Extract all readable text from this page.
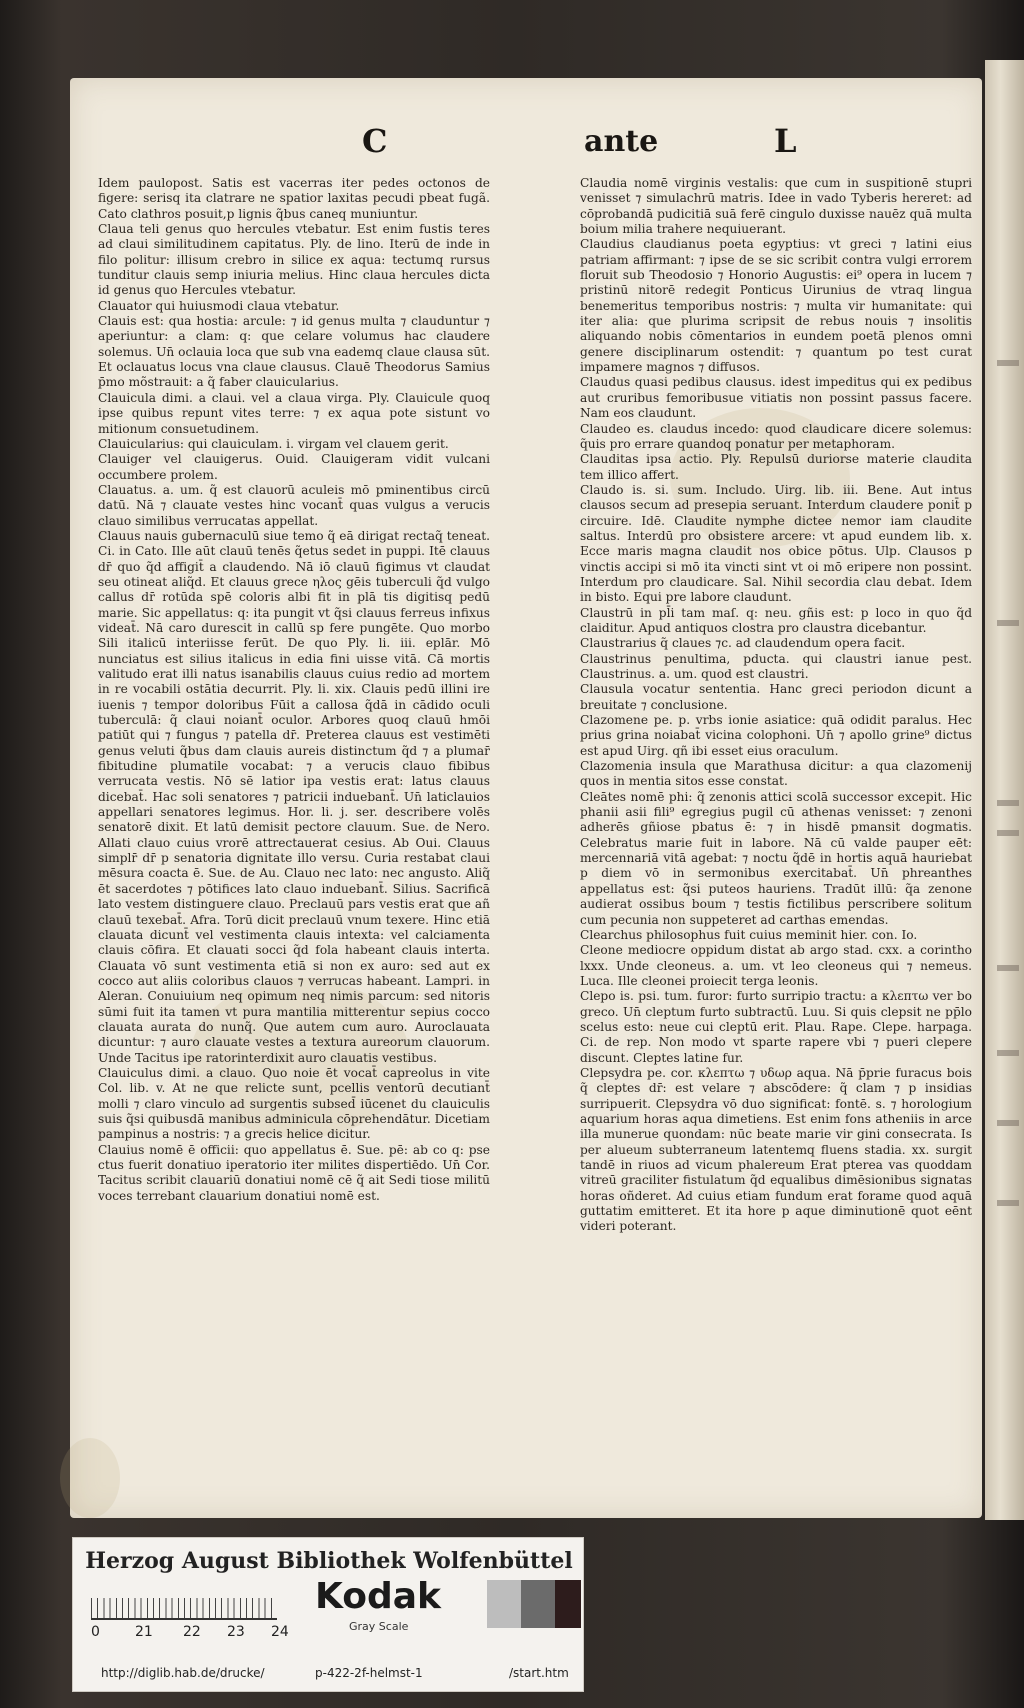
C	ante	L

Idem paulopost. Satis est vacerras iter pedes octonos de figere: serisq ita clatrare ne spatior laxitas pecudi pbeat fugã. Cato clathros posuit,p lignis q̃bus caneq muniuntur.

Claua teli genus quo hercules vtebatur. Est enim fustis teres ad claui similitudinem capitatus. Ply. de lino. Iterū de inde in filo politur: illisum crebro in silice ex aqua: tectumq rursus tunditur clauis semp iniuria melius. Hinc claua hercules dicta id genus quo Hercules vtebatur.

Clauator qui huiusmodi claua vtebatur.

Clauis est: qua hostia: arcule: ⁊ id genus multa ⁊ clauduntur ⁊ aperiuntur: a clam: q: que celare volumus hac claudere solemus. Un̄ oclauia loca que sub vna eademq claue clausa sūt. Et oclauatus locus vna claue clausus. Clauē Theodorus Samius p̄mo mõstrauit: a q̃ faber clauicularius.

Clauicula dimi. a claui. vel a claua virga. Ply. Clauicule quoq ipse quibus repunt vites terre: ⁊ ex aqua pote sistunt vo mitionum consuetudinem.

Clauicularius: qui clauiculam. i. virgam vel clauem gerit.

Clauiger vel clauigerus. Ouid. Clauigeram vidit vulcani occumbere prolem.

Clauatus. a. um. q̃ est clauorū aculeis mō pminentibus circū datū. Nā ⁊ clauate vestes hinc vocant̄ quas vulgus a verucis clauo similibus verrucatas appellat.

Clauus nauis gubernaculū siue temo q̃ eā dirigat rectaq̃ teneat. Ci. in Cato. Ille aūt clauū tenēs q̃etus sedet in puppi. Itē clauus dr̄ quo q̃d affigit̄ a claudendo. Nā iō clauū figimus vt claudat seu otineat aliq̃d. Et clauus grece ηλος gēis tuberculi q̃d vulgo callus dr̄ rotūda spē coloris albi fit in plā tis digitisq pedū marie. Sic appellatus: q: ita pungit vt q̃si clauus ferreus infixus videat̄. Nā caro durescit in callū sp fere pungēte. Quo morbo Sili italicū interiisse ferūt. De quo Ply. li. iii. eplār. Mō nunciatus est silius italicus in edia fini uisse vitā. Cā mortis valitudo erat illi natus isanabilis clauus cuius redio ad mortem in re vocabili ostātia decurrit. Ply. li. xix. Clauis pedū illini ire iuenis ⁊ tempor doloribus Fūit a callosa q̃dā in cādido oculi tuberculā: q̃ claui noiant̄ oculor. Arbores quoq clauū hmōi patiūt qui ⁊ fungus ⁊ patella dr̄. Preterea clauus est vestimēti genus veluti q̃bus dam clauis aureis distinctum q̃d ⁊ a plumar̄ fibitudine plumatile vocabat: ⁊ a verucis clauo fibibus verrucata vestis. Nō sē latior ipa vestis erat: latus clauus dicebat̄. Hac soli senatores ⁊ patricii induebant̄. Un̄ laticlauios appellari senatores legimus. Hor. li. j. ser. describere volēs senatorē dixit. Et latū demisit pectore clauum. Sue. de Nero. Allati clauo cuius vrorē attrectauerat cesius. Ab Oui. Clauus simplr̄ dr̄ p senatoria dignitate illo versu. Curia restabat claui mēsura coacta ē. Sue. de Au. Clauo nec lato: nec angusto. Aliq̃ ēt sacerdotes ⁊ pōtifices lato clauo induebant̄. Silius. Sacrificā lato vestem distinguere clauo. Preclauū pars vestis erat que añ clauū texebat̄. Afra. Torū dicit preclauū vnum texere. Hinc etiā clauata dicunt̄ vel vestimenta clauis intexta: vel calciamenta clauis cōfira. Et clauati socci q̃d fola habeant clauis interta. Clauata vō sunt vestimenta etiā si non ex auro: sed aut ex cocco aut aliis coloribus clauos ⁊ verrucas habeant. Lampri. in Aleran. Conuiuium neq opimum neq nimis parcum: sed nitoris sūmi fuit ita tamen vt pura mantilia mitterentur sepius cocco clauata aurata do nunq̃. Que autem cum auro. Auroclauata dicuntur: ⁊ auro clauate vestes a textura aureorum clauorum. Unde Tacitus ipe ratorinterdixit auro clauatis vestibus.

Clauiculus dimi. a clauo. Quo noie ēt vocat̄ capreolus in vite Col. lib. v. At ne que relicte sunt, pcellis ventorū decutiant̄ molli ⁊ claro vinculo ad surgentis subsed̄ iūcenet du clauiculis suis q̃si quibusdā manibus adminicula cōprehendātur. Dicetiam pampinus a nostris: ⁊ a grecis helice dicitur.

Clauius nomē ē officii: quo appellatus ē. Sue. pē: ab co q: pse ctus fuerit donatiuo iperatorio iter milites dispertiēdo. Un̄ Cor. Tacitus scribit clauariū donatiui nomē cē q̃ ait Sedi tiose militū voces terrebant clauarium donatiui nomē est.

Claudia nomē virginis vestalis: que cum in suspitionē stupri venisset ⁊ simulachrū matris. Idee in vado Tyberis hereret: ad cōprobandā pudicitiā suā ferē cingulo duxisse nauēz quā multa boium milia trahere nequiuerant.

Claudius claudianus poeta egyptius: vt greci ⁊ latini eius patriam affirmant: ⁊ ipse de se sic scribit contra vulgi errorem floruit sub Theodosio ⁊ Honorio Augustis: ei⁹ opera in lucem ⁊ pristinū nitorē redegit Ponticus Uirunius de vtraq lingua benemeritus temporibus nostris: ⁊ multa vir humanitate: qui iter alia: que plurima scripsit de rebus nouis ⁊ insolitis aliquando nobis cōmentarios in eundem poetā plenos omni genere disciplinarum ostendit: ⁊ quantum po test curat impamere magnos ⁊ diffusos.

Claudus quasi pedibus clausus. idest impeditus qui ex pedibus aut cruribus femoribusue vitiatis non possint passus facere. Nam eos claudunt.

Claudeo es. claudus incedo: quod claudicare dicere solemus: q̃uis pro errare quandoq ponatur per metaphoram.

Clauditas ipsa actio. Ply. Repulsū duriorse materie claudita tem illico affert.

Claudo is. si. sum. Includo. Uirg. lib. iii. Bene. Aut intus clausos secum ad presepia seruant. Interdum claudere ponit̄ p circuire. Idē. Claudite nymphe dictee nemor iam claudite saltus. Interdū pro obsistere arcere: vt apud eundem lib. x. Ecce maris magna claudit nos obice pōtus. Ulp. Clausos p vinctis accipi si mō ita vincti sint vt oi mō eripere non possint. Interdum pro claudicare. Sal. Nihil secordia clau debat. Idem in bisto. Equi pre labore claudunt.

Claustrū in pl̄i tam maſ. q: neu. gñis est: p loco in quo q̃d claiditur. Apud antiquos clostra pro claustra dicebantur.

Claustrarius q̃ claues ⁊c. ad claudendum opera facit.

Claustrinus penultima, pducta. qui claustri ianue pest. Claustrinus. a. um. quod est claustri.

Clausula vocatur sententia. Hanc greci periodon dicunt a breuitate ⁊ conclusione.

Clazomene pe. p. vrbs ionie asiatice: quā odidit paralus. Hec prius grina noiabat̄ vicina colophoni. Un̄ ⁊ apollo grine⁹ dictus est apud Uirg. qñ ibi esset eius oraculum.

Clazomenia insula que Marathusa dicitur: a qua clazomenij quos in mentia sitos esse constat.

Cleātes nomē phi: q̃ zenonis attici scolā successor excepit. Hic phanii asii fili⁹ egregius pugil cū athenas venisset: ⁊ zenoni adherēs gñiose pbatus ē: ⁊ in hisdē pmansit dogmatis. Celebratus marie fuit in labore. Nā cū valde pauper eēt: mercennariā vitā agebat: ⁊ noctu q̃dē in hortis aquā hauriebat p diem vō in sermonibus exercitabat̄. Un̄ phreanthes appellatus est: q̃si puteos hauriens. Tradūt illū: q̃a zenone audierat ossibus boum ⁊ testis fictilibus perscribere solitum cum pecunia non suppeteret ad carthas emendas.

Clearchus philosophus fuit cuius meminit hier. con. Io.

Cleone mediocre oppidum distat ab argo stad. cxx. a corintho lxxx. Unde cleoneus. a. um. vt leo cleoneus qui ⁊ nemeus. Luca. Ille cleonei proiecit terga leonis.

Clepo is. psi. tum. furor: furto surripio tractu: a κλεπτω ver bo greco. Un̄ cleptum furto subtractū. Luu. Si quis clepsit ne pp̄lo scelus esto: neue cui cleptū erit. Plau. Rape. Clepe. harpaga. Ci. de rep. Non modo vt sparte rapere vbi ⁊ pueri clepere discunt. Cleptes latine fur.

Clepsydra pe. cor. κλεπτω ⁊ υδωρ aqua. Nā p̄prie furacus bois q̃ cleptes dr̄: est velare ⁊ abscōdere: q̃ clam ⁊ p insidias surripuerit. Clepsydra vō duo significat: fontē. s. ⁊ horologium aquarium horas aqua dimetiens. Est enim fons atheniis in arce illa munerue quondam: nūc beate marie vir gini consecrata. Is per alueum subterraneum latentemq fluens stadia. xx. surgit tandē in riuos ad vicum phalereum Erat pterea vas quoddam vitreū graciliter fistulatum q̃d equalibus dimēsionibus signatas horas oñderet. Ad cuius etiam fundum erat forame quod aquā guttatim emitteret. Et ita hore p aque diminutionē quot eēnt videri poterant.

Herzog August Bibliothek Wolfenbüttel
0	21 22 23 24
Kodak
Gray Scale
http://diglib.hab.de/drucke/	p-422-2f-helmst-1	/start.htm
